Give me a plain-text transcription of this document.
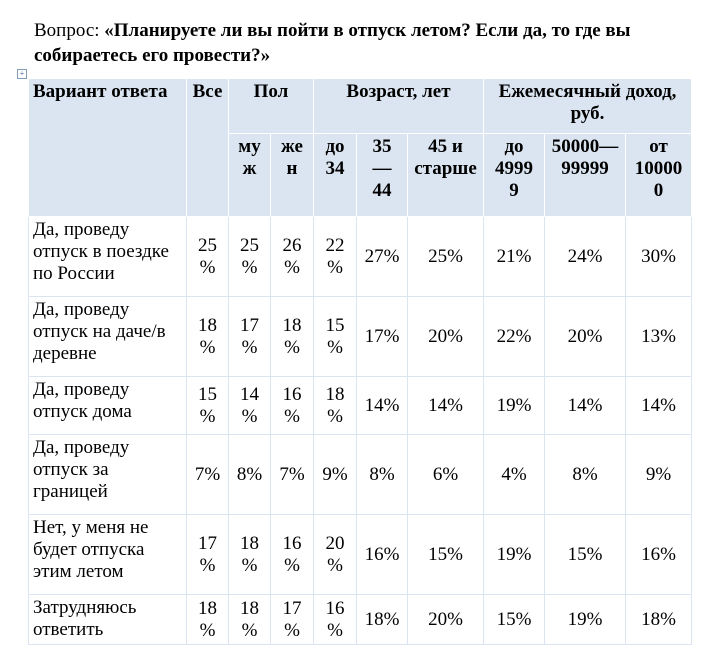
Вопрос: «Планируете ли вы пойти в отпуск летом? Если да, то где вы собираетесь его провести?»
+
Вариант ответа	Все	Пол		Возраст, лет			Ежемесячный доход, руб.		
		му ж	же н	до 34	35 — 44	45 и старше	до 4999 9	50000— 99999	от 10000 0
Да, проведу отпуск в поездке по России	25 %	25 %	26 %	22 %	27%	25%	21%	24%	30%
Да, проведу отпуск на даче/в деревне	18 %	17 %	18 %	15 %	17%	20%	22%	20%	13%
Да, проведу отпуск дома	15 %	14 %	16 %	18 %	14%	14%	19%	14%	14%
Да, проведу отпуск за границей	7%	8%	7%	9%	8%	6%	4%	8%	9%
Нет, у меня не будет отпуска этим летом	17 %	18 %	16 %	20 %	16%	15%	19%	15%	16%
Затрудняюсь ответить	18 %	18 %	17 %	16 %	18%	20%	15%	19%	18%
